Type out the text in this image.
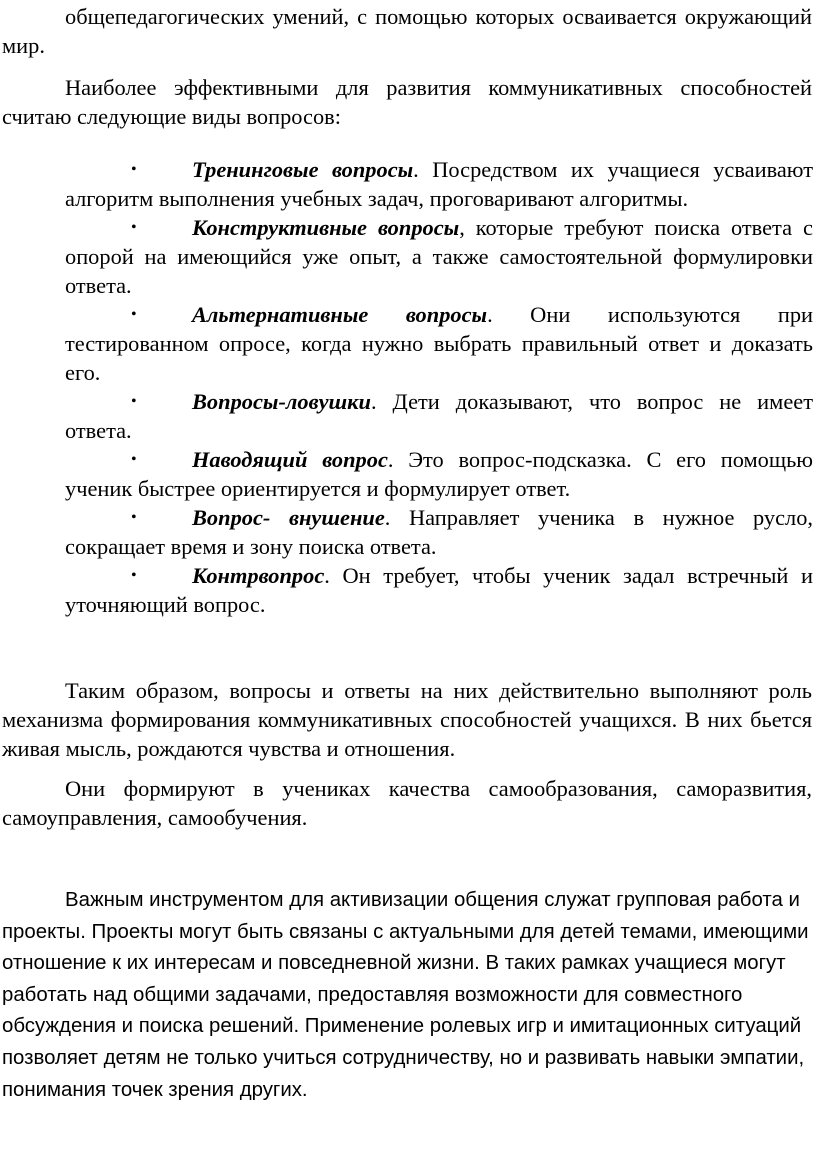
общепедагогических умений, с помощью которых осваивается окружающий мир.

Наиболее эффективными для развития коммуникативных способностей считаю следующие виды вопросов:

• Тренинговые вопросы. Посредством их учащиеся усваивают алгоритм выполнения учебных задач, проговаривают алгоритмы.
• Конструктивные вопросы, которые требуют поиска ответа с опорой на имеющийся уже опыт, а также самостоятельной формулировки ответа.
• Альтернативные вопросы. Они используются при тестированном опросе, когда нужно выбрать правильный ответ и доказать его.
• Вопросы-ловушки. Дети доказывают, что вопрос не имеет ответа.
• Наводящий вопрос. Это вопрос-подсказка. С его помощью ученик быстрее ориентируется и формулирует ответ.
• Вопрос- внушение. Направляет ученика в нужное русло, сокращает время и зону поиска ответа.
• Контрвопрос. Он требует, чтобы ученик задал встречный и уточняющий вопрос.

Таким образом, вопросы и ответы на них действительно выполняют роль механизма формирования коммуникативных способностей учащихся. В них бьется живая мысль, рождаются чувства и отношения.

Они формируют в учениках качества самообразования, саморазвития, самоуправления, самообучения.

Важным инструментом для активизации общения служат групповая работа и проекты. Проекты могут быть связаны с актуальными для детей темами, имеющими отношение к их интересам и повседневной жизни. В таких рамках учащиеся могут работать над общими задачами, предоставляя возможности для совместного обсуждения и поиска решений. Применение ролевых игр и имитационных ситуаций позволяет детям не только учиться сотрудничеству, но и развивать навыки эмпатии, понимания точек зрения других.
